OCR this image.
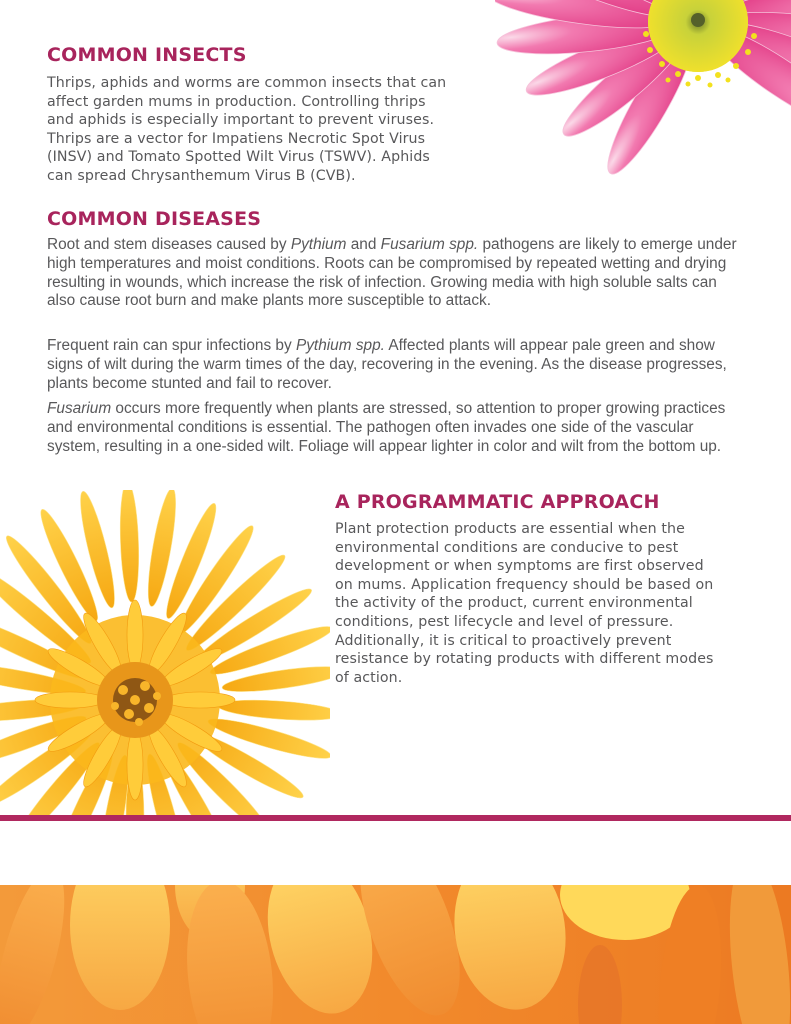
COMMON INSECTS
Thrips, aphids and worms are common insects that can
affect garden mums in production. Controlling thrips
and aphids is especially important to prevent viruses.
Thrips are a vector for Impatiens Necrotic Spot Virus
(INSV) and Tomato Spotted Wilt Virus (TSWV). Aphids
can spread Chrysanthemum Virus B (CVB).
COMMON DISEASES

Root and stem diseases caused by Pythium and Fusarium spp. pathogens are likely to emerge under high temperatures and moist conditions. Roots can be compromised by repeated wetting and drying resulting in wounds, which increase the risk of infection. Growing media with high soluble salts can also cause root burn and make plants more susceptible to attack.

Frequent rain can spur infections by Pythium spp. Affected plants will appear pale green and show signs of wilt during the warm times of the day, recovering in the evening. As the disease progresses, plants become stunted and fail to recover.

Fusarium occurs more frequently when plants are stressed, so attention to proper growing practices and environmental conditions is essential. The pathogen often invades one side of the vascular system, resulting in a one-sided wilt. Foliage will appear lighter in color and wilt from the bottom up.

A PROGRAMMATIC APPROACH
Plant protection products are essential when the
environmental conditions are conducive to pest
development or when symptoms are first observed
on mums. Application frequency should be based on
the activity of the product, current environmental
conditions, pest lifecycle and level of pressure.
Additionally, it is critical to proactively prevent
resistance by rotating products with different modes
of action.
